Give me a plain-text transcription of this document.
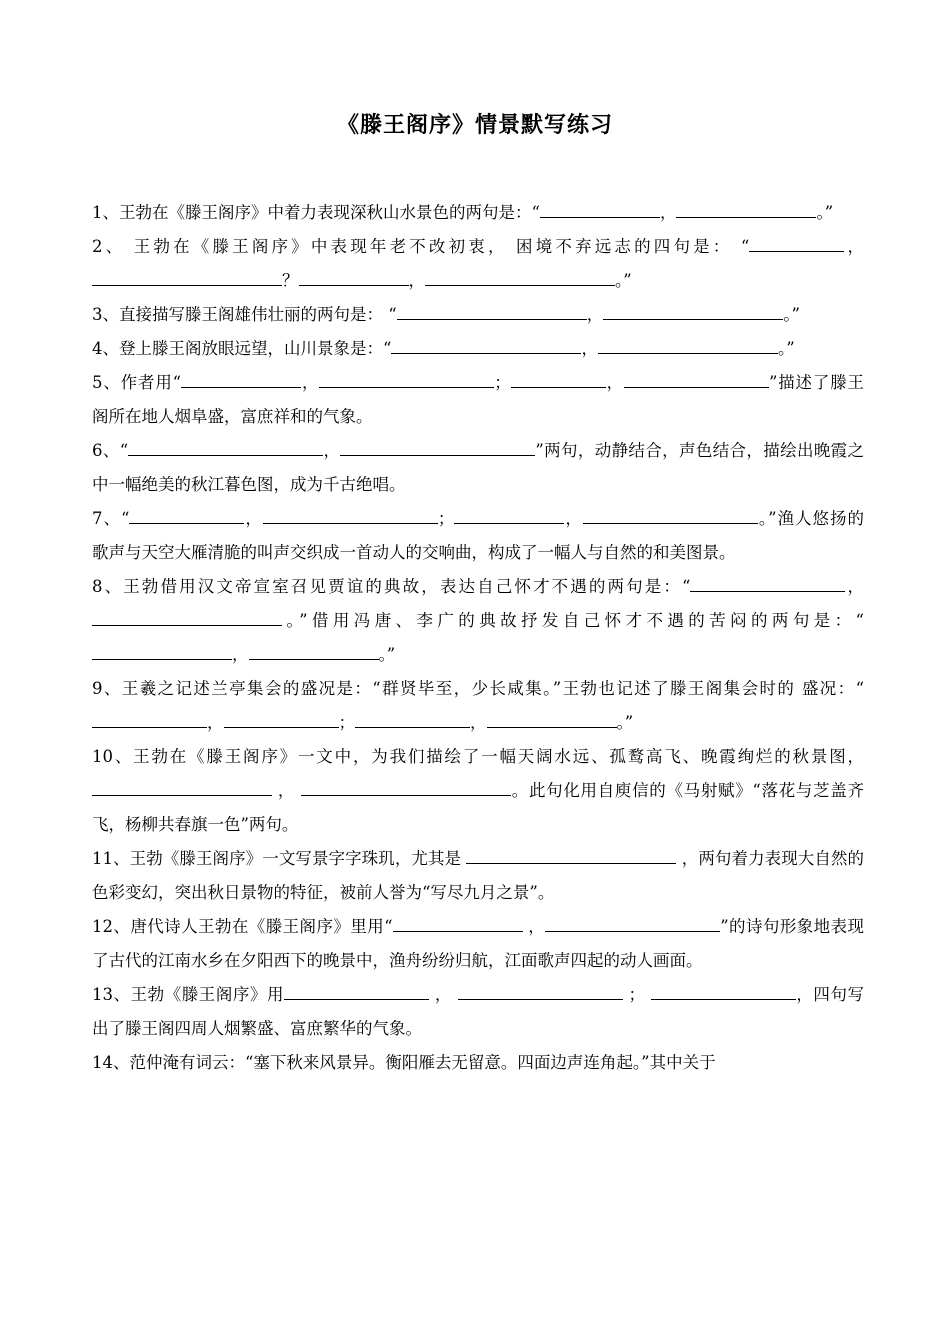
《滕王阁序》情景默写练习

1、王勃在《滕王阁序》中着力表现深秋山水景色的两句是：“	，	。”

2、 王勃在《滕王阁序》中表现年老不改初衷， 困境不弃远志的四句是： “	，？	，	。”

3、直接描写滕王阁雄伟壮丽的两句是： “	，	。”

4、登上滕王阁放眼远望，山川景象是：“	，	。”

5、作者用“	，	；	，	”描述了滕王阁所在地人烟阜盛，富庶祥和的气象。

6、“	，	”两句，动静结合，声色结合，描绘出晚霞之中一幅绝美的秋江暮色图，成为千古绝唱。

7、“	，	；	，	。”渔人悠扬的歌声与天空大雁清脆的叫声交织成一首动人的交响曲，构成了一幅人与自然的和美图景。

8、王勃借用汉文帝宣室召见贾谊的典故，表达自己怀才不遇的两句是：“	，。”借用冯唐、李广的典故抒发自己怀才不遇的苦闷的两句是：“，	。”

9、王羲之记述兰亭集会的盛况是：“群贤毕至，少长咸集。”王勃也记述了滕王阁集会时的 盛况：“，	；	，	。”

10、王勃在《滕王阁序》一文中，为我们描绘了一幅天阔水远、孤鹜高飞、晚霞绚烂的秋景图， ，	。此句化用自庾信的《马射赋》“落花与芝盖齐飞，杨柳共春旗一色”两句。

11、王勃《滕王阁序》一文写景字字珠玑，尤其是	，两句着力表现大自然的色彩变幻，突出秋日景物的特征，被前人誉为“写尽九月之景”。

12、唐代诗人王勃在《滕王阁序》里用“	，	”的诗句形象地表现了古代的江南水乡在夕阳西下的晚景中，渔舟纷纷归航，江面歌声四起的动人画面。

13、王勃《滕王阁序》用	，	；	，四句写出了滕王阁四周人烟繁盛、富庶繁华的气象。

14、范仲淹有词云：“塞下秋来风景异。衡阳雁去无留意。四面边声连角起。”其中关于
